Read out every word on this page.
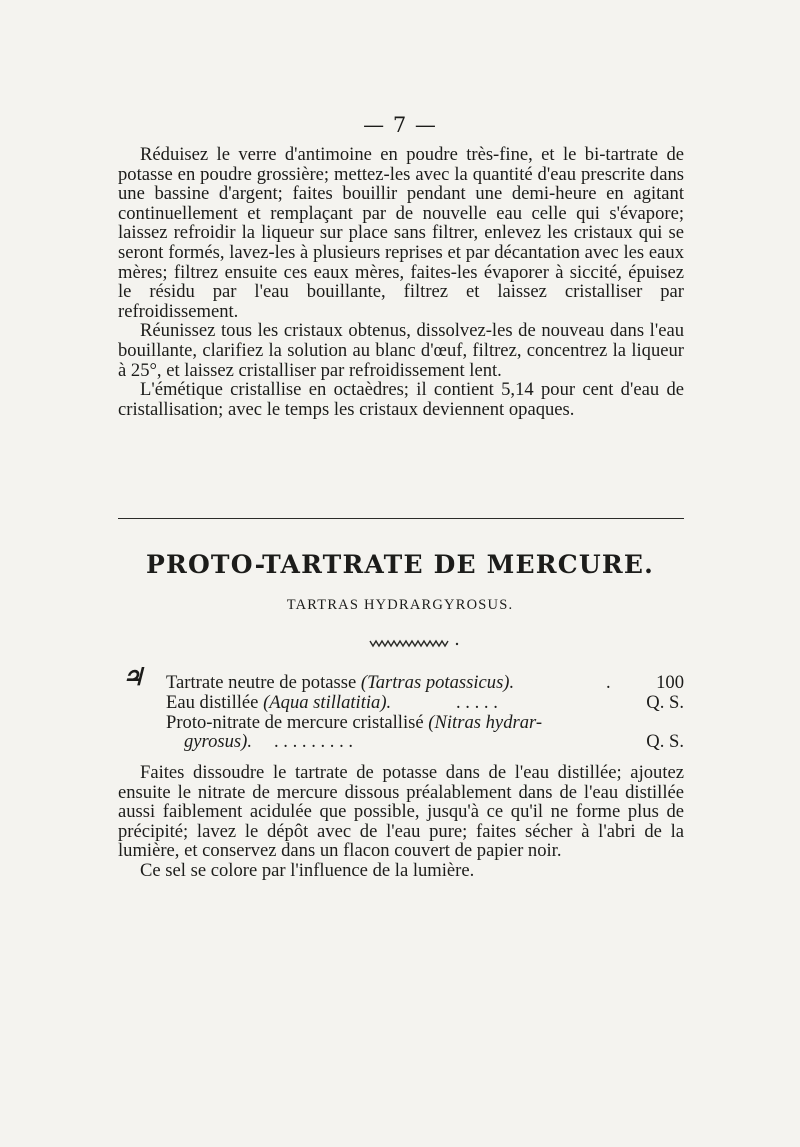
— 7 —

Réduisez le verre d'antimoine en poudre très-fine, et le bi-tartrate de potasse en poudre grossière; mettez-les avec la quantité d'eau prescrite dans une bassine d'argent; faites bouillir pendant une demi-heure en agitant continuellement et remplaçant par de nouvelle eau celle qui s'évapore; laissez refroidir la liqueur sur place sans filtrer, enlevez les cristaux qui se seront formés, lavez-les à plusieurs reprises et par décantation avec les eaux mères; filtrez ensuite ces eaux mères, faites-les évaporer à siccité, épuisez le résidu par l'eau bouillante, filtrez et laissez cristalliser par refroidissement.

Réunissez tous les cristaux obtenus, dissolvez-les de nouveau dans l'eau bouillante, clarifiez la solution au blanc d'œuf, filtrez, concentrez la liqueur à 25°, et laissez cristalliser par refroidissement lent.

L'émétique cristallise en octaèdres; il contient 5,14 pour cent d'eau de cristallisation; avec le temps les cristaux deviennent opaques.

PROTO-TARTRATE DE MERCURE.
TARTRAS HYDRARGYROSUS.
♃ Tartrate neutre de potasse (Tartras potassicus).	. 100
Eau distillée (Aqua stillatitia).	. . . . .	Q. S.
Proto-nitrate de mercure cristallisé (Nitras hydrar-
gyrosus). . . . . . . . . .	Q. S.

Faites dissoudre le tartrate de potasse dans de l'eau distillée; ajoutez ensuite le nitrate de mercure dissous préalablement dans de l'eau distillée aussi faiblement acidulée que possible, jusqu'à ce qu'il ne forme plus de précipité; lavez le dépôt avec de l'eau pure; faites sécher à l'abri de la lumière, et conservez dans un flacon couvert de papier noir.

Ce sel se colore par l'influence de la lumière.
